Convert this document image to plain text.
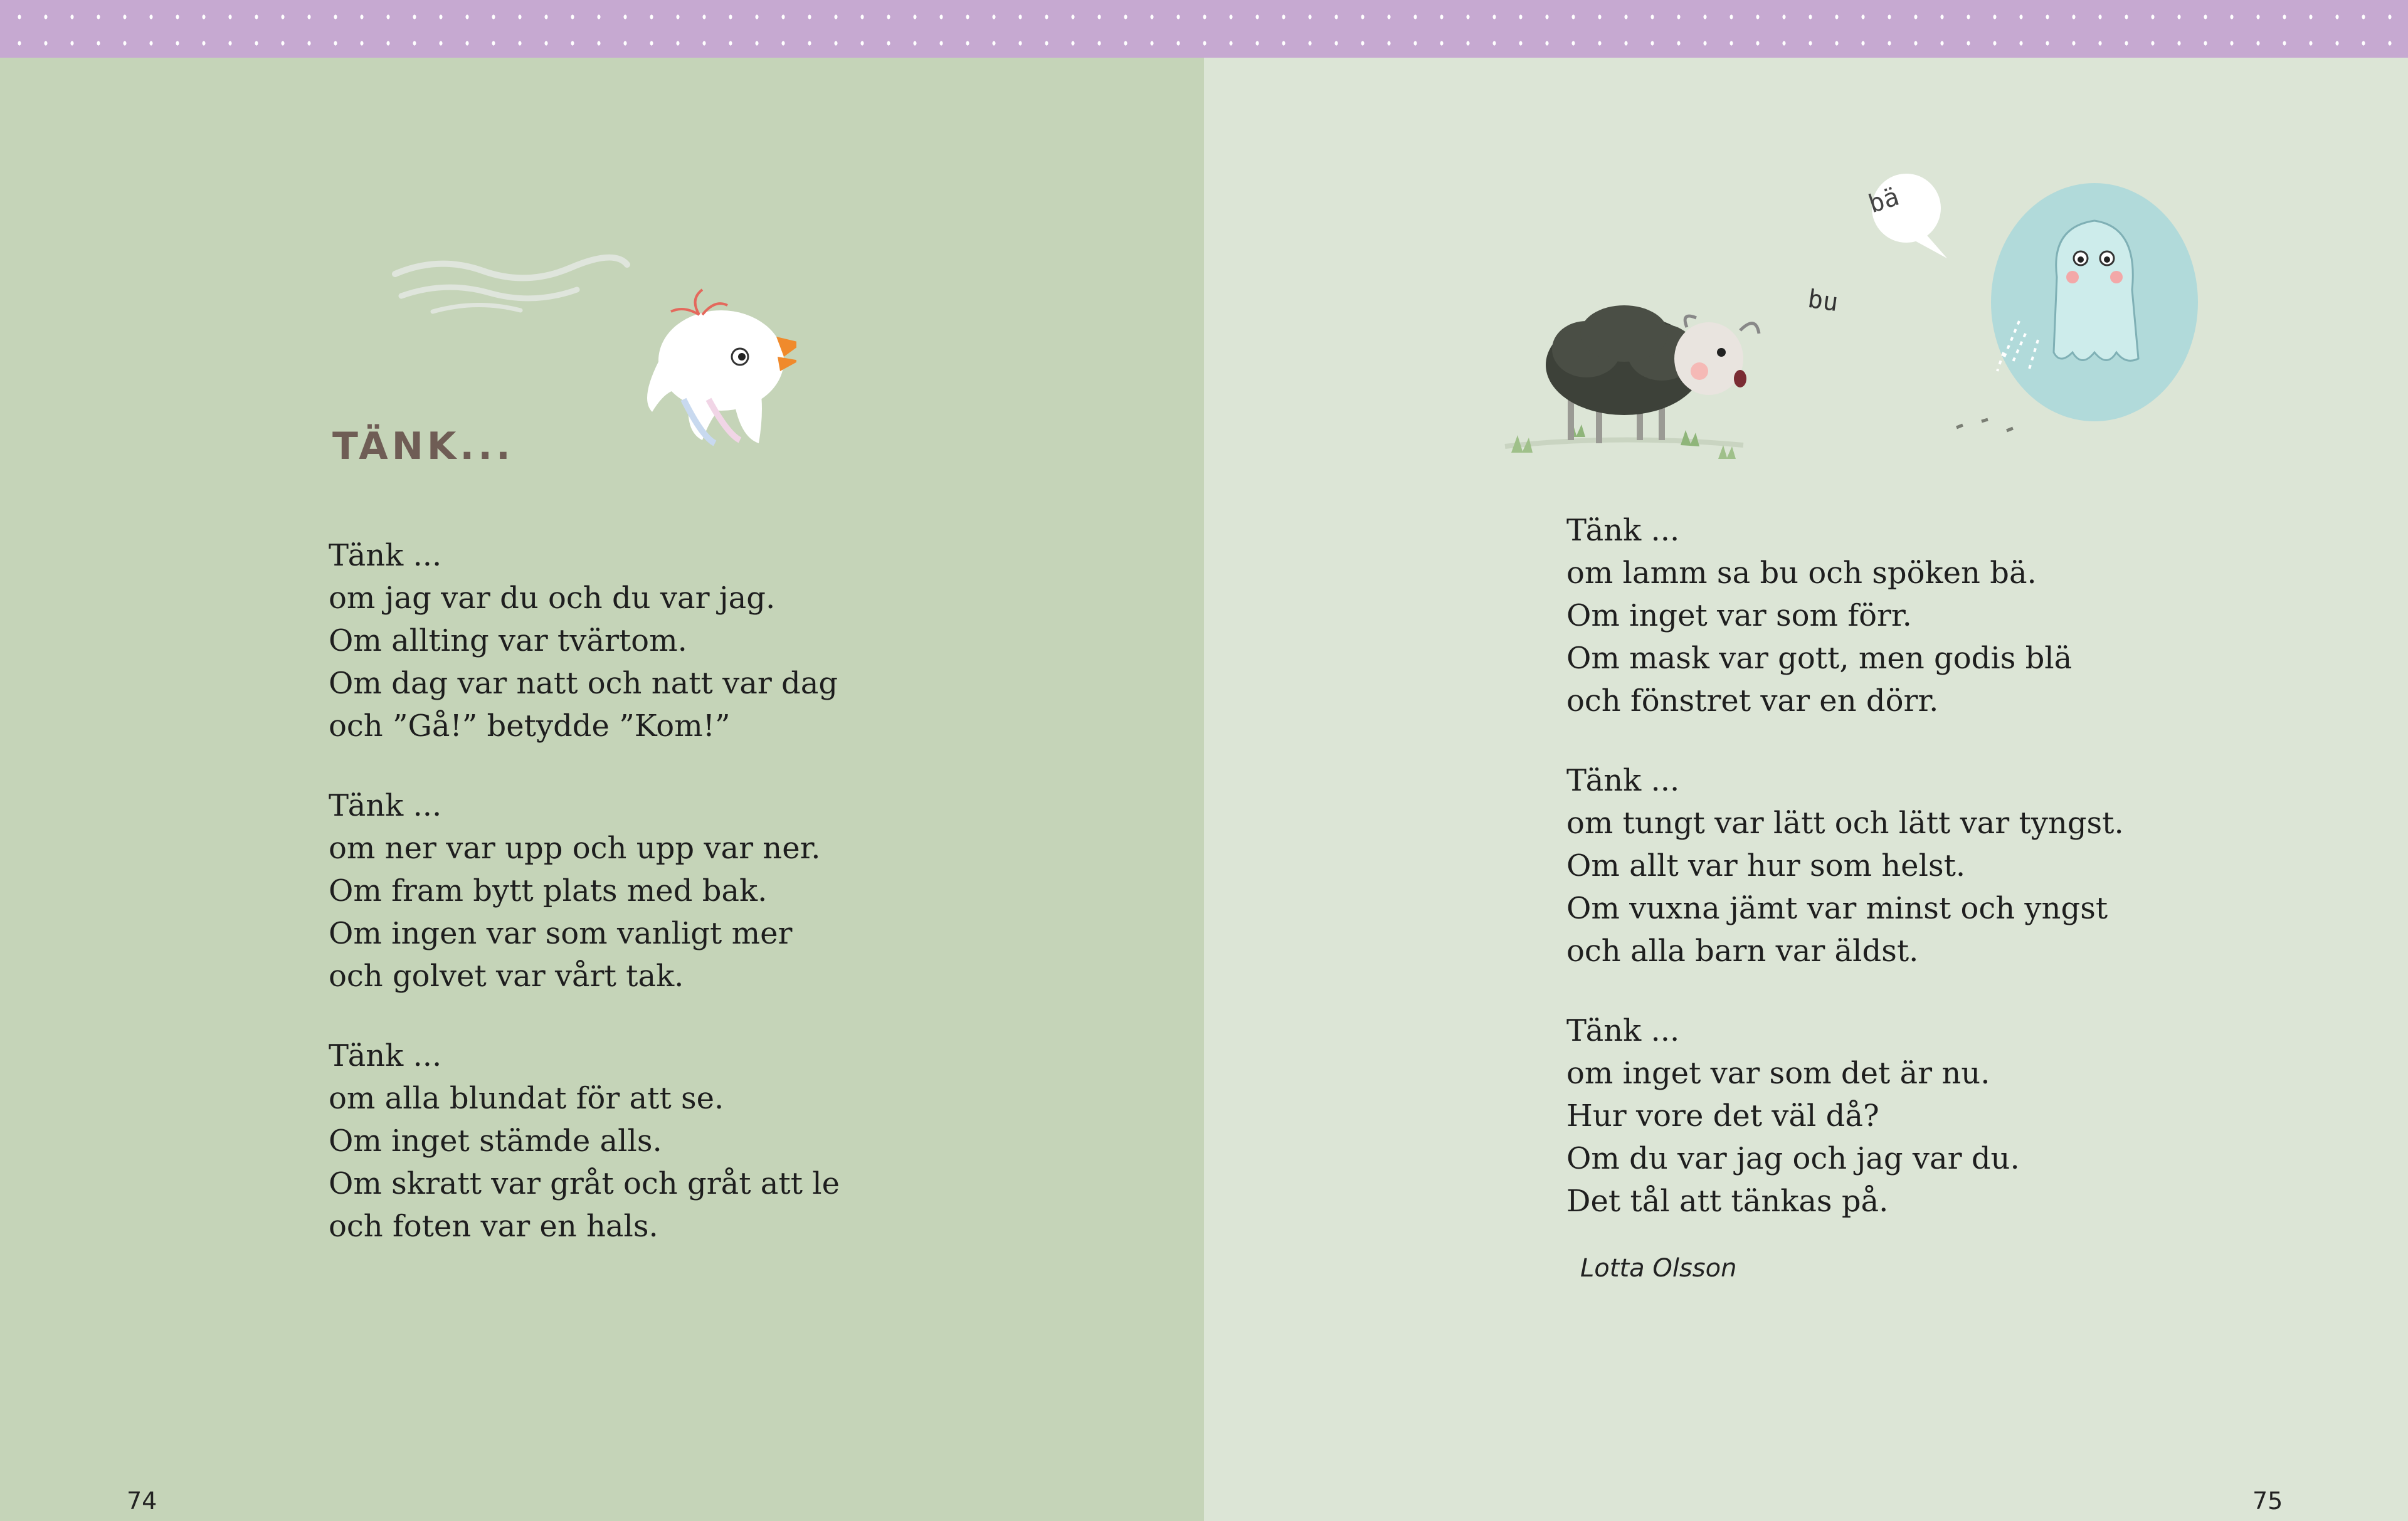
TÄNK...
Tänk ...
om jag var du och du var jag.
Om allting var tvärtom.
Om dag var natt och natt var dag
och ”Gå!” betydde ”Kom!”
Tänk ...
om ner var upp och upp var ner.
Om fram bytt plats med bak.
Om ingen var som vanligt mer
och golvet var vårt tak.
Tänk ...
om alla blundat för att se.
Om inget stämde alls.
Om skratt var gråt och gråt att le
och foten var en hals.
74
bu
bä
Tänk ...
om lamm sa bu och spöken bä.
Om inget var som förr.
Om mask var gott, men godis blä
och fönstret var en dörr.
Tänk ...
om tungt var lätt och lätt var tyngst.
Om allt var hur som helst.
Om vuxna jämt var minst och yngst
och alla barn var äldst.
Tänk ...
om inget var som det är nu.
Hur vore det väl då?
Om du var jag och jag var du.
Det tål att tänkas på.
Lotta Olsson
75
